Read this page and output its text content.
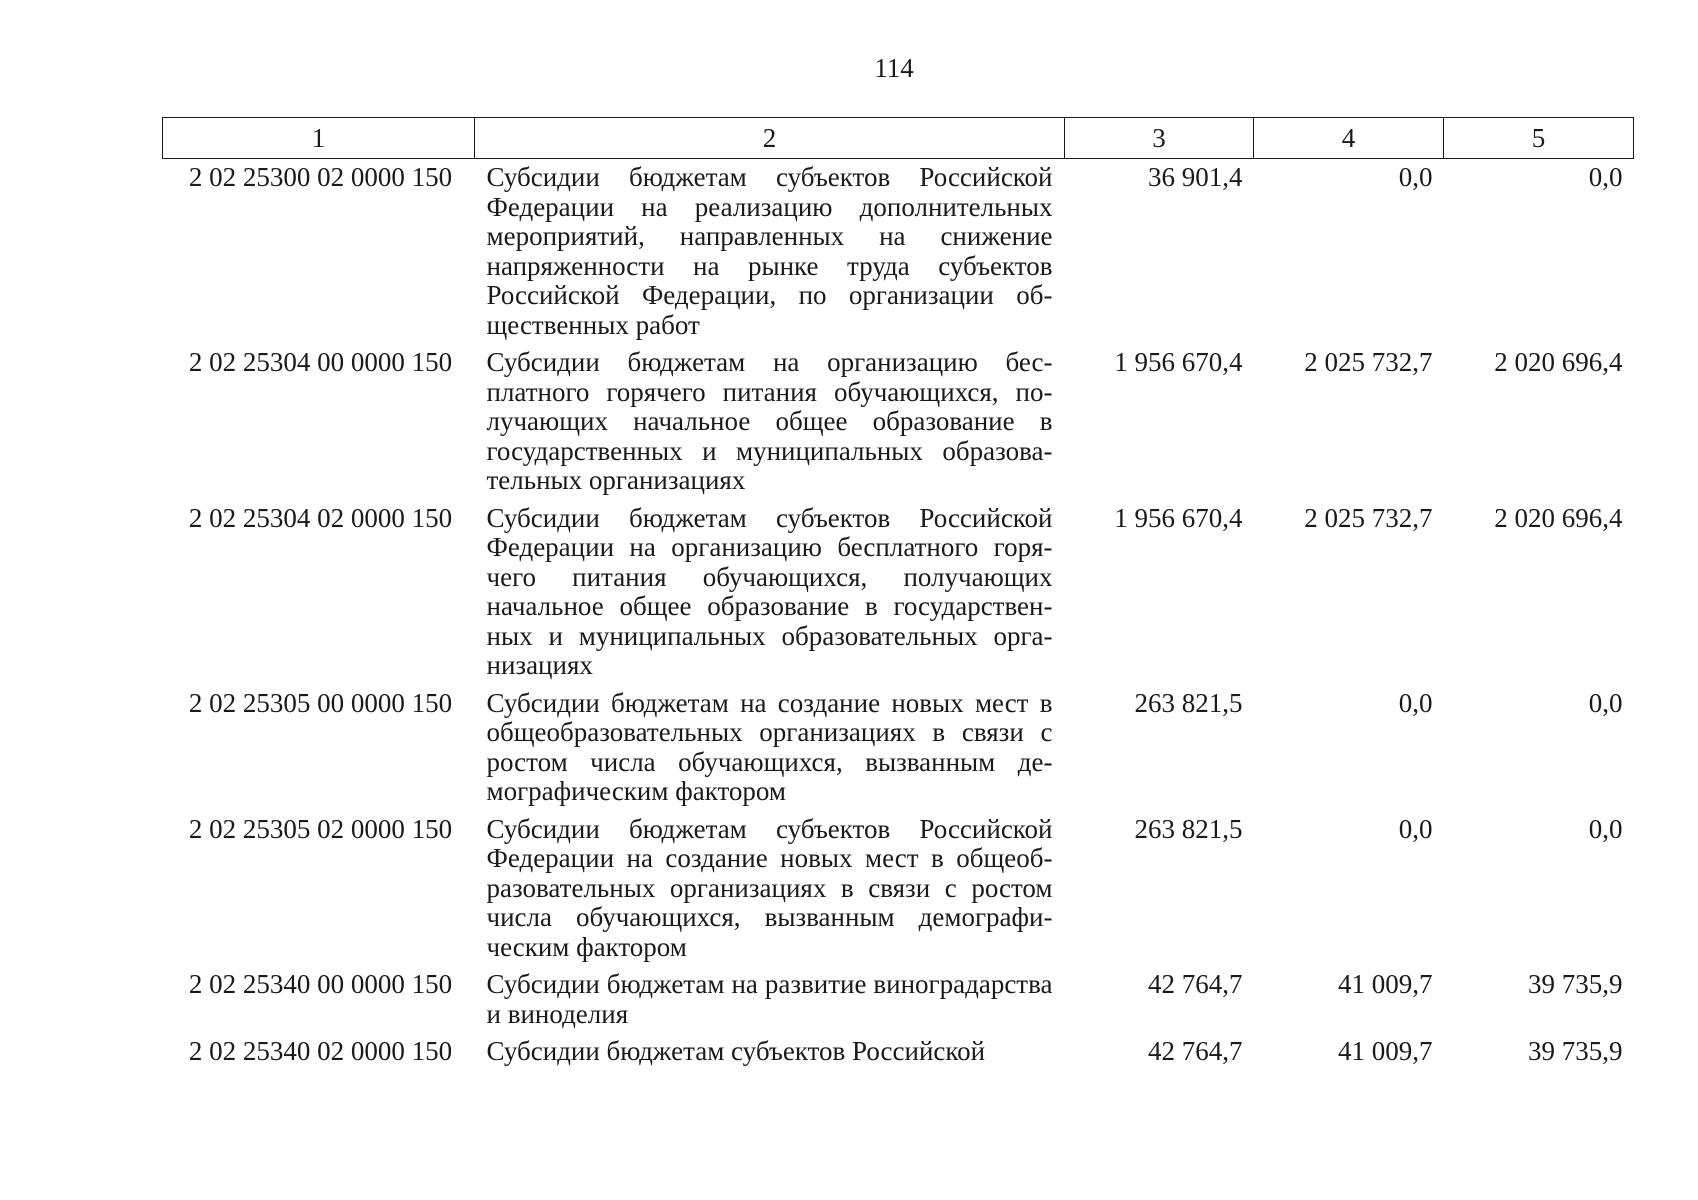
114
1	2	3	4	5
2 02 25300 02 0000 150	Субсидии бюджетам субъектов Российской Федерации на реализацию дополнительных мероприятий, направленных на снижение напряженности на рынке труда субъектов Российской Федерации, по организации общественных работ	36 901,4	0,0	0,0
2 02 25304 00 0000 150	Субсидии бюджетам на организацию бесплатного горячего питания обучающихся, получающих начальное общее образование в государственных и муниципальных образовательных организациях	1 956 670,4	2 025 732,7	2 020 696,4
2 02 25304 02 0000 150	Субсидии бюджетам субъектов Российской Федерации на организацию бесплатного горячего питания обучающихся, получающих начальное общее образование в государственных и муниципальных образовательных организациях	1 956 670,4	2 025 732,7	2 020 696,4
2 02 25305 00 0000 150	Субсидии бюджетам на создание новых мест в общеобразовательных организациях в связи с ростом числа обучающихся, вызванным демографическим фактором	263 821,5	0,0	0,0
2 02 25305 02 0000 150	Субсидии бюджетам субъектов Российской Федерации на создание новых мест в общеобразовательных организациях в связи с ростом числа обучающихся, вызванным демографическим фактором	263 821,5	0,0	0,0
2 02 25340 00 0000 150	Субсидии бюджетам на развитие виноградарства и виноделия	42 764,7	41 009,7	39 735,9
2 02 25340 02 0000 150	Субсидии бюджетам субъектов Российской	42 764,7	41 009,7	39 735,9
